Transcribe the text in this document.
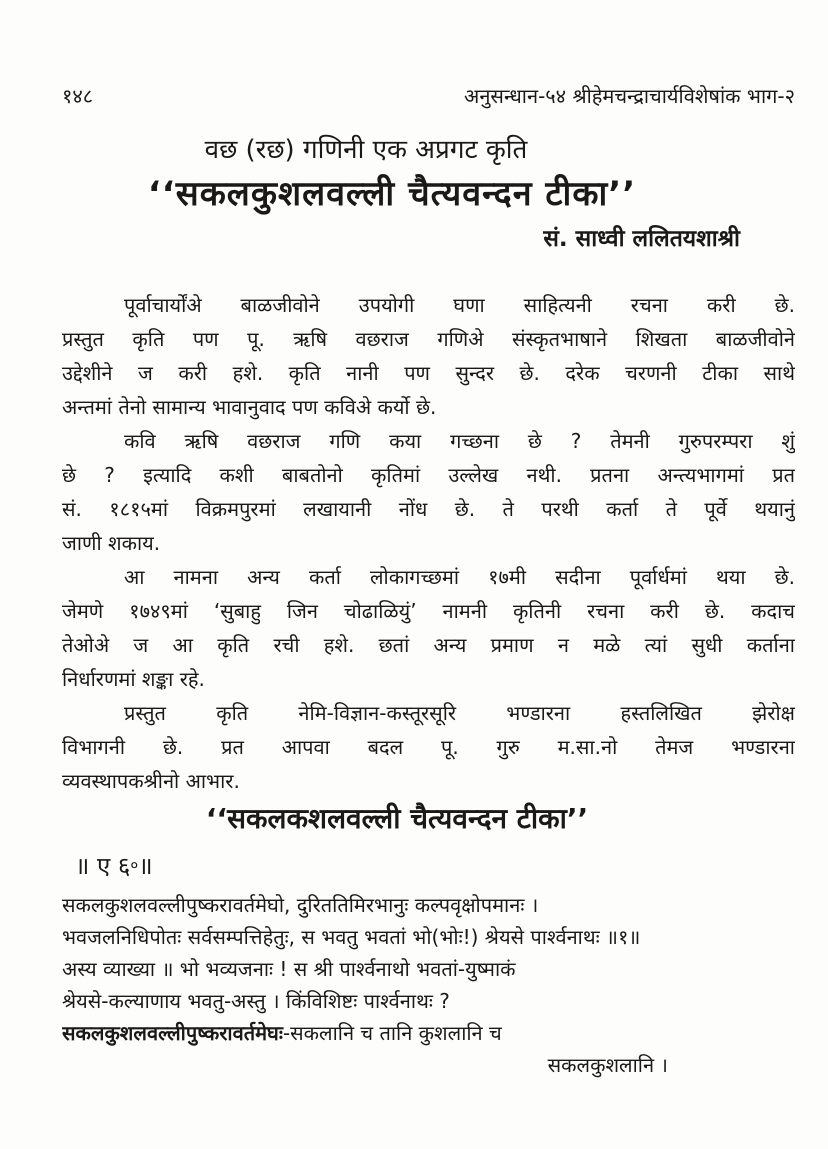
१४८	अनुसन्धान-५४ श्रीहेमचन्द्राचार्यविशेषांक भाग-२
वछ (रछ) गणिनी एक अप्रगट कृति
‘‘सकलकुशलवल्ली चैत्यवन्दन टीका’’
सं. साध्वी ललितयशाश्री
पूर्वाचार्योंअे बाळजीवोने उपयोगी घणा साहित्यनी रचना करी छे.
प्रस्तुत कृति पण पू. ऋषि वछराज गणिअे संस्कृतभाषाने शिखता बाळजीवोने
उद्देशीने ज करी हशे. कृति नानी पण सुन्दर छे. दरेक चरणनी टीका साथे
अन्तमां तेनो सामान्य भावानुवाद पण कविअे कर्यो छे.
कवि ऋषि वछराज गणि कया गच्छना छे ? तेमनी गुरुपरम्परा शुं
छे ? इत्यादि कशी बाबतोनो कृतिमां उल्लेख नथी. प्रतना अन्त्यभागमां प्रत
सं. १८१५मां विक्रमपुरमां लखायानी नोंध छे. ते परथी कर्ता ते पूर्वे थयानुं
जाणी शकाय.
आ नामना अन्य कर्ता लोकागच्छमां १७मी सदीना पूर्वार्धमां थया छे.
जेमणे १७४९मां ‘सुबाहु जिन चोढाळियुं’ नामनी कृतिनी रचना करी छे. कदाच
तेओअे ज आ कृति रची हशे. छतां अन्य प्रमाण न मळे त्यां सुधी कर्ताना
निर्धारणमां शङ्का रहे.
प्रस्तुत कृति नेमि-विज्ञान-कस्तूरसूरि भण्डारना हस्तलिखित झेरोक्ष
विभागनी छे. प्रत आपवा बदल पू. गुरु म.सा.नो तेमज भण्डारना
व्यवस्थापकश्रीनो आभार.
‘‘सकलकशलवल्ली चैत्यवन्दन टीका’’
॥ ए ६०॥
सकलकुशलवल्लीपुष्करावर्तमेघो, दुरिततिमिरभानुः कल्पवृक्षोपमानः ।
भवजलनिधिपोतः सर्वसम्पत्तिहेतुः, स भवतु भवतां भो(भोः!) श्रेयसे पार्श्वनाथः ॥१॥
अस्य व्याख्या ॥ भो भव्यजनाः ! स श्री पार्श्वनाथो भवतां-युष्माकं
श्रेयसे-कल्याणाय भवतु-अस्तु । किंविशिष्टः पार्श्वनाथः ?
सकलकुशलवल्लीपुष्करावर्तमेघः-सकलानि च तानि कुशलानि च
सकलकुशलानि ।
